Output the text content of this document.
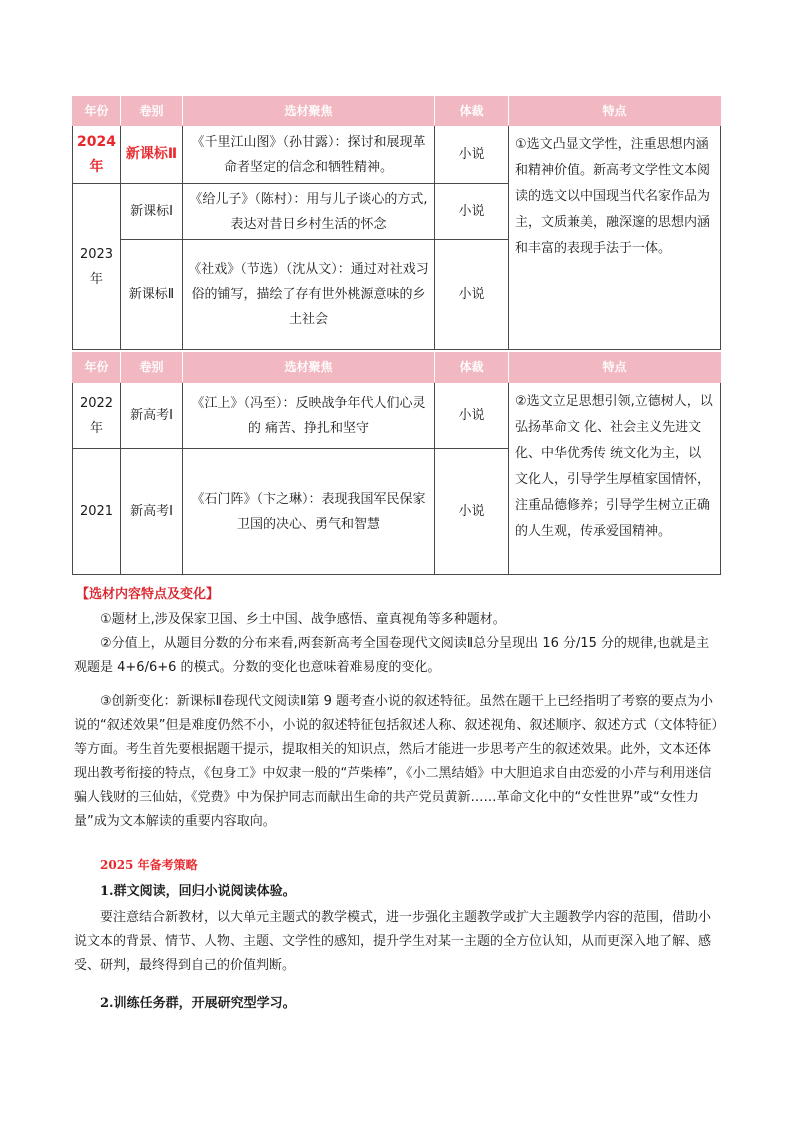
年份	卷别	选材聚焦	体裁	特点
2024年	新课标Ⅱ	《千里江山图》（孙甘露）：探讨和展现革命者坚定的信念和牺牲精神。	小说	①选文凸显文学性，注重思想内涵和精神价值。新高考文学性文本阅读的选文以中国现当代名家作品为主，文质兼美，融深邃的思想内涵和丰富的表现手法于一体。
2023年	新课标Ⅰ	《给儿子》（陈村）：用与儿子谈心的方式, 表达对昔日乡村生活的怀念	小说	
	新课标Ⅱ	《社戏》（节选）（沈从文）：通过对社戏习俗的铺写，描绘了存有世外桃源意味的乡土社会	小说	
年份	卷别	选材聚焦	体裁	特点
2022年	新高考Ⅰ	《江上》（冯至）：反映战争年代人们心灵的 痛苦、挣扎和坚守	小说	②选文立足思想引领,立德树人，以弘扬革命文 化、社会主义先进文化、中华优秀传 统文化为主，以文化人，引导学生厚植家国情怀，注重品德修养；引导学生树立正确的人生观，传承爱国精神。
2021	新高考Ⅰ	《石门阵》（卞之琳）：表现我国军民保家卫国的决心、勇气和智慧	小说	
【选材内容特点及变化】

①题材上,涉及保家卫国、乡土中国、战争感悟、童真视角等多种题材。

②分值上，从题目分数的分布来看,两套新高考全国卷现代文阅读Ⅱ总分呈现出 16 分/15 分的规律,也就是主观题是 4+6/6+6 的模式。分数的变化也意味着难易度的变化。

③创新变化：新课标Ⅱ卷现代文阅读Ⅱ第 9 题考查小说的叙述特征。虽然在题干上已经指明了考察的要点为小说的“叙述效果”但是难度仍然不小，小说的叙述特征包括叙述人称、叙述视角、叙述顺序、叙述方式（文体特征）等方面。考生首先要根据题干提示，提取相关的知识点，然后才能进一步思考产生的叙述效果。此外，文本还体现出教考衔接的特点，《包身工》中奴隶一般的“芦柴棒”，《小二黑结婚》中大胆追求自由恋爱的小芹与利用迷信骗人钱财的三仙姑，《党费》中为保护同志而献出生命的共产党员黄新……革命文化中的“女性世界”或“女性力量”成为文本解读的重要内容取向。

2025 年备考策略
1.群文阅读，回归小说阅读体验。

要注意结合新教材，以大单元主题式的教学模式，进一步强化主题教学或扩大主题教学内容的范围，借助小说文本的背景、情节、人物、主题、文学性的感知，提升学生对某一主题的全方位认知，从而更深入地了解、感受、研判，最终得到自己的价值判断。

2.训练任务群，开展研究型学习。
